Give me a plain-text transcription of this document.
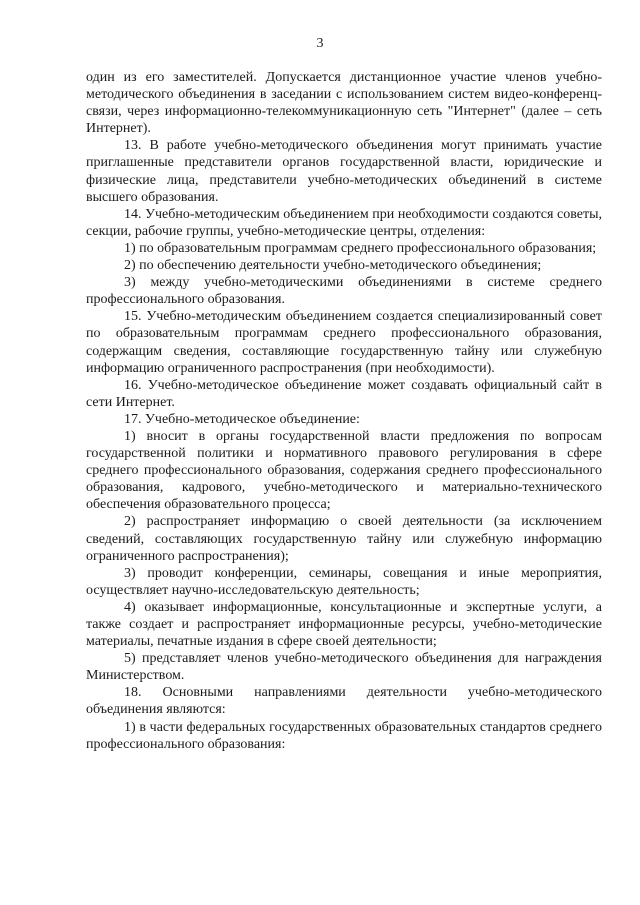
3

один из его заместителей. Допускается дистанционное участие членов учебно-методического объединения в заседании с использованием систем видео-конференц-связи, через информационно-телекоммуникационную сеть "Интернет" (далее – сеть Интернет).

13. В работе учебно-методического объединения могут принимать участие приглашенные представители органов государственной власти, юридические и физические лица, представители учебно-методических объединений в системе высшего образования.

14. Учебно-методическим объединением при необходимости создаются советы, секции, рабочие группы, учебно-методические центры, отделения:

1) по образовательным программам среднего профессионального образования;

2) по обеспечению деятельности учебно-методического объединения;

3) между учебно-методическими объединениями в системе среднего профессионального образования.

15. Учебно-методическим объединением создается специализированный совет по образовательным программам среднего профессионального образования, содержащим сведения, составляющие государственную тайну или служебную информацию ограниченного распространения (при необходимости).

16. Учебно-методическое объединение может создавать официальный сайт в сети Интернет.

17. Учебно-методическое объединение:

1) вносит в органы государственной власти предложения по вопросам государственной политики и нормативного правового регулирования в сфере среднего профессионального образования, содержания среднего профессионального образования, кадрового, учебно-методического и материально-технического обеспечения образовательного процесса;

2) распространяет информацию о своей деятельности (за исключением сведений, составляющих государственную тайну или служебную информацию ограниченного распространения);

3) проводит конференции, семинары, совещания и иные мероприятия, осуществляет научно-исследовательскую деятельность;

4) оказывает информационные, консультационные и экспертные услуги, а также создает и распространяет информационные ресурсы, учебно-методические материалы, печатные издания в сфере своей деятельности;

5) представляет членов учебно-методического объединения для награждения Министерством.

18. Основными направлениями деятельности учебно-методического объединения являются:

1) в части федеральных государственных образовательных стандартов среднего профессионального образования:
